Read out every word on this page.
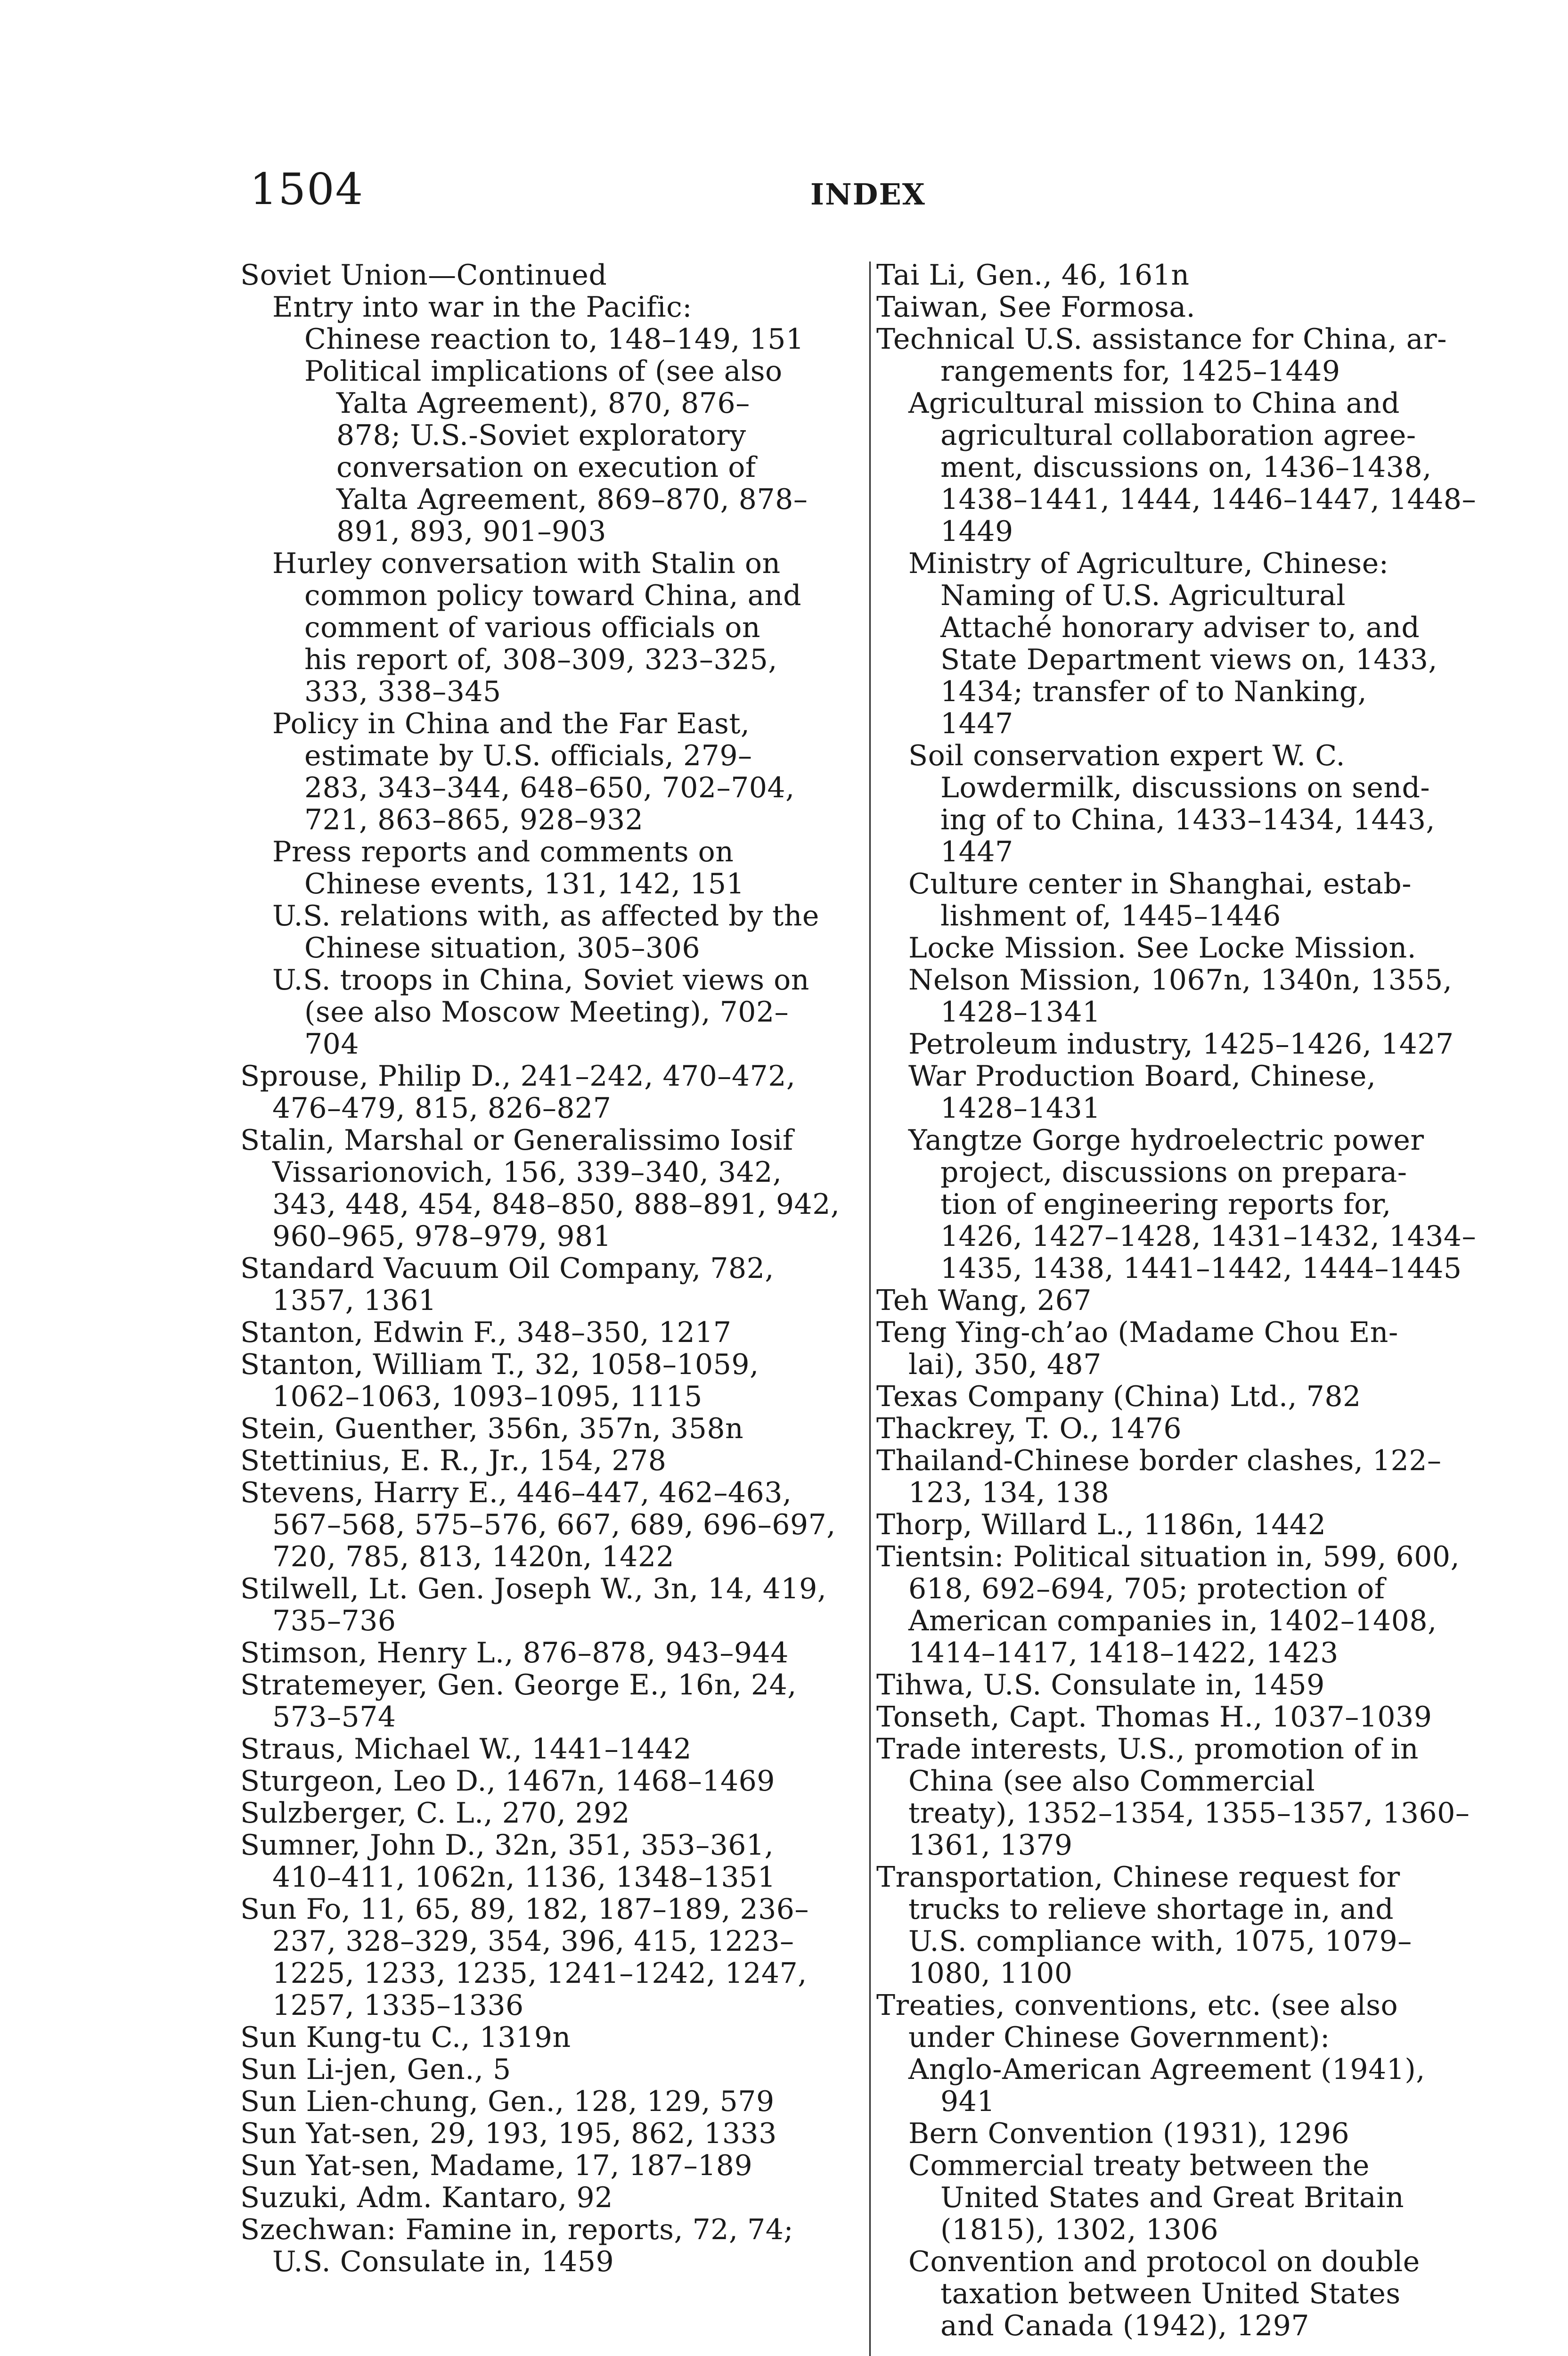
1504	INDEX
Soviet Union—Continued
Entry into war in the Pacific:
Chinese reaction to, 148–149, 151
Political implications of (see also
Yalta Agreement), 870, 876–
878; U.S.-Soviet exploratory
conversation on execution of
Yalta Agreement, 869–870, 878–
891, 893, 901–903
Hurley conversation with Stalin on
common policy toward China, and
comment of various officials on
his report of, 308–309, 323–325,
333, 338–345
Policy in China and the Far East,
estimate by U.S. officials, 279–
283, 343–344, 648–650, 702–704,
721, 863–865, 928–932
Press reports and comments on
Chinese events, 131, 142, 151
U.S. relations with, as affected by the
Chinese situation, 305–306
U.S. troops in China, Soviet views on
(see also Moscow Meeting), 702–
704
Sprouse, Philip D., 241–242, 470–472,
476–479, 815, 826–827
Stalin, Marshal or Generalissimo Iosif
Vissarionovich, 156, 339–340, 342,
343, 448, 454, 848–850, 888–891, 942,
960–965, 978–979, 981
Standard Vacuum Oil Company, 782,
1357, 1361
Stanton, Edwin F., 348–350, 1217
Stanton, William T., 32, 1058–1059,
1062–1063, 1093–1095, 1115
Stein, Guenther, 356n, 357n, 358n
Stettinius, E. R., Jr., 154, 278
Stevens, Harry E., 446–447, 462–463,
567–568, 575–576, 667, 689, 696–697,
720, 785, 813, 1420n, 1422
Stilwell, Lt. Gen. Joseph W., 3n, 14, 419,
735–736
Stimson, Henry L., 876–878, 943–944
Stratemeyer, Gen. George E., 16n, 24,
573–574
Straus, Michael W., 1441–1442
Sturgeon, Leo D., 1467n, 1468–1469
Sulzberger, C. L., 270, 292
Sumner, John D., 32n, 351, 353–361,
410–411, 1062n, 1136, 1348–1351
Sun Fo, 11, 65, 89, 182, 187–189, 236–
237, 328–329, 354, 396, 415, 1223–
1225, 1233, 1235, 1241–1242, 1247,
1257, 1335–1336
Sun Kung-tu C., 1319n
Sun Li-jen, Gen., 5
Sun Lien-chung, Gen., 128, 129, 579
Sun Yat-sen, 29, 193, 195, 862, 1333
Sun Yat-sen, Madame, 17, 187–189
Suzuki, Adm. Kantaro, 92
Szechwan: Famine in, reports, 72, 74;
U.S. Consulate in, 1459
Tai Li, Gen., 46, 161n
Taiwan, See Formosa.
Technical U.S. assistance for China, ar-
rangements for, 1425–1449
Agricultural mission to China and
agricultural collaboration agree-
ment, discussions on, 1436–1438,
1438–1441, 1444, 1446–1447, 1448–
1449
Ministry of Agriculture, Chinese:
Naming of U.S. Agricultural
Attaché honorary adviser to, and
State Department views on, 1433,
1434; transfer of to Nanking,
1447
Soil conservation expert W. C.
Lowdermilk, discussions on send-
ing of to China, 1433–1434, 1443,
1447
Culture center in Shanghai, estab-
lishment of, 1445–1446
Locke Mission. See Locke Mission.
Nelson Mission, 1067n, 1340n, 1355,
1428–1341
Petroleum industry, 1425–1426, 1427
War Production Board, Chinese,
1428–1431
Yangtze Gorge hydroelectric power
project, discussions on prepara-
tion of engineering reports for,
1426, 1427–1428, 1431–1432, 1434–
1435, 1438, 1441–1442, 1444–1445
Teh Wang, 267
Teng Ying-ch’ao (Madame Chou En-
lai), 350, 487
Texas Company (China) Ltd., 782
Thackrey, T. O., 1476
Thailand-Chinese border clashes, 122–
123, 134, 138
Thorp, Willard L., 1186n, 1442
Tientsin: Political situation in, 599, 600,
618, 692–694, 705; protection of
American companies in, 1402–1408,
1414–1417, 1418–1422, 1423
Tihwa, U.S. Consulate in, 1459
Tonseth, Capt. Thomas H., 1037–1039
Trade interests, U.S., promotion of in
China (see also Commercial
treaty), 1352–1354, 1355–1357, 1360–
1361, 1379
Transportation, Chinese request for
trucks to relieve shortage in, and
U.S. compliance with, 1075, 1079–
1080, 1100
Treaties, conventions, etc. (see also
under Chinese Government):
Anglo-American Agreement (1941),
941
Bern Convention (1931), 1296
Commercial treaty between the
United States and Great Britain
(1815), 1302, 1306
Convention and protocol on double
taxation between United States
and Canada (1942), 1297
